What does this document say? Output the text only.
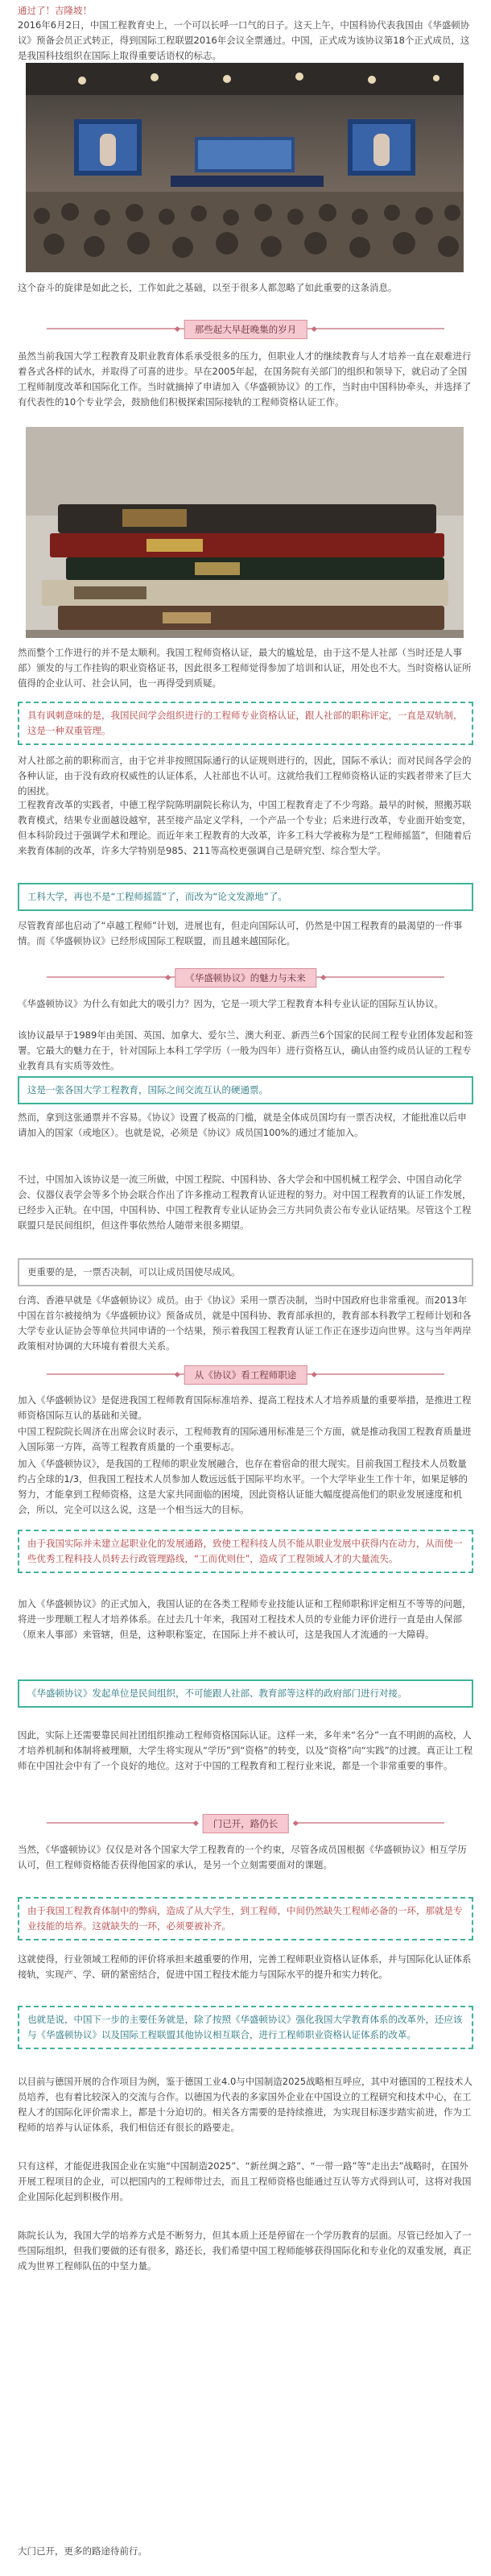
通过了！吉隆坡！

2016年6月2日，中国工程教育史上，一个可以长呼一口气的日子。这天上午，中国科协代表我国由《华盛顿协议》预备会员正式转正，得到国际工程联盟2016年会议全票通过。中国，正式成为该协议第18个正式成员，这是我国科技组织在国际上取得重要话语权的标志。

这个奋斗的旋律是如此之长，工作如此之基础，以至于很多人都忽略了如此重要的这条消息。

那些起大早赶晚集的岁月

虽然当前我国大学工程教育及职业教育体系承受很多的压力，但职业人才的继续教育与人才培养一直在艰难进行着各式各样的试水，并取得了可喜的进步。早在2005年起，在国务院有关部门的组织和领导下，就启动了全国工程师制度改革和国际化工作。当时就摘掉了申请加入《华盛顿协议》的工作，当时由中国科协牵头，并选择了有代表性的10个专业学会，鼓励他们积极探索国际接轨的工程师资格认证工作。

然而整个工作进行的并不是太顺利。我国工程师资格认证，最大的尴尬是，由于这不是人社部（当时还是人事部）颁发的与工作挂钩的职业资格证书，因此很多工程师觉得参加了培训和认证，用处也不大。当时资格认证所值得的企业认可、社会认同，也一再得受到质疑。

具有讽刺意味的是，我国民间学会组织进行的工程师专业资格认证，跟人社部的职称评定，一直是双轨制，这是一种双重管理。

对人社部之前的职称而言，由于它并非按照国际通行的认证规则进行的，因此，国际不承认；而对民间各学会的各种认证，由于没有政府权威性的认证体系，人社部也不认可。这就给我们工程师资格认证的实践者带来了巨大的困扰。

工程教育改革的实践者，中德工程学院陈明副院长称认为，中国工程教育走了不少弯路。最早的时候，照搬苏联教育模式，结果专业面越设越窄，甚至接产品定义学科，一个产品一个专业；后来进行改革，专业面开始变宽，但本科阶段过于强调学术和理论。而近年来工程教育的大改革，许多工科大学被称为是“工程师摇篮”，但随着后来教育体制的改革，许多大学特别是985、211等高校更强调自己是研究型、综合型大学。

工科大学，再也不是“工程师摇篮”了，而改为“论文发源地”了。

尽管教育部也启动了“卓越工程师”计划，进展也有，但走向国际认可，仍然是中国工程教育的最渴望的一件事情。而《华盛顿协议》已经形成国际工程联盟，而且越来越国际化。

《华盛顿协议》的魅力与未来

《华盛顿协议》为什么有如此大的吸引力？因为，它是一项大学工程教育本科专业认证的国际互认协议。

该协议最早于1989年由美国、英国、加拿大、爱尔兰、澳大利亚、新西兰6个国家的民间工程专业团体发起和签署。它最大的魅力在于，针对国际上本科工学学历（一般为四年）进行资格互认，确认由签约成员认证的工程专业教育具有实质等效性。

这是一张各国大学工程教育，国际之间交流互认的硬通票。

然而，拿到这张通票并不容易。《协议》设置了极高的门槛，就是全体成员国均有一票否决权，才能批准以后申请加入的国家（或地区）。也就是说，必须是《协议》成员国100%的通过才能加入。

不过，中国加入该协议是一流三所做，中国工程院、中国科协、各大学会和中国机械工程学会、中国自动化学会、仪器仪表学会等多个协会联合作出了许多推动工程教育认证进程的努力。对中国工程教育的认证工作发展，已经步入正轨。在中国，中国科协、中国工程教育专业认证协会三方共同负责公布专业认证结果。尽管这个工程联盟只是民间组织，但这件事依然给人随带来很多期望。

更重要的是，一票否决制，可以让成员国使尽成风。

台湾、香港早就是《华盛顿协议》成员。由于《协议》采用一票否决制，当时中国政府也非常重视。而2013年中国在首尔被接纳为《华盛顿协议》预备成员，就是中国科协、教育部承担的，教育部本科教学工程师计划和各大学专业认证协会等单位共同申请的一个结果，预示着我国工程教育认证工作正在逐步迈向世界。这与当年两岸政策相对协调的大环境有着很大关系。

从《协议》看工程师职途

加入《华盛顿协议》是促进我国工程师教育国际标准培养、提高工程技术人才培养质量的重要举措，是推进工程师资格国际互认的基础和关键。

中国工程院院长周济在出席会议时表示，工程师教育的国际通用标准是三个方面，就是推动我国工程教育质量进入国际第一方阵，高等工程教育质量的一个重要标志。

加入《华盛顿协议》，是我国的工程师的职业发展融合，也存在着宿命的很大现实。目前我国工程技术人员数量约占全球的1/3，但我国工程技术人员参加人数远远低于国际平均水平。一个大学毕业生工作十年，如果足够的努力，才能拿到工程师资格，这是大家共同面临的困境，因此资格认证能大幅度提高他们的职业发展速度和机会，所以，完全可以这么说，这是一个相当远大的目标。

由于我国实际并未建立起职业化的发展通路，致使工程科技人员不能从职业发展中获得内在动力，从而使一些优秀工程科技人员转去行政管理路线，“工而优则仕”，造成了工程领域人才的大量流失。

加入《华盛顿协议》的正式加入，我国认证的在各类工程师专业技能认证和工程师职称评定相互不等等的问题，将进一步理顺工程人才培养体系。在过去几十年来，我国对工程技术人员的专业能力评价进行一直是由人保部（原来人事部）来管辖，但是，这种职称鉴定，在国际上并不被认可，这是我国人才流通的一大障碍。

《华盛顿协议》发起单位是民间组织，不可能跟人社部、教育部等这样的政府部门进行对接。

因此，实际上还需要靠民间社团组织推动工程师资格国际认证。这样一来，多年来“名分”一直不明朗的高校，人才培养机制和体制将被理顺，大学生将实现从“学历”到“资格”的转变，以及“资格”向“实践”的过渡。真正让工程师在中国社会中有了一个良好的地位。这对于中国的工程教育和工程行业来说，都是一个非常重要的事件。

门已开，路仍长

当然，《华盛顿协议》仅仅是对各个国家大学工程教育的一个约束，尽管各成员国根据《华盛顿协议》相互学历认可，但工程师资格能否获得他国家的承认，是另一个立刻需要面对的课题。

由于我国工程教育体制中的弊病，造成了从大学生，到工程师，中间仍然缺失工程师必备的一环，那就是专业技能的培养。这就缺失的一环，必须要被补齐。

这就使得，行业领域工程师的评价将承担来越重要的作用，完善工程师职业资格认证体系，并与国际化认证体系接轨，实现产、学、研的紧密结合，促进中国工程技术能力与国际水平的提升和实力转化。

也就是说，中国下一步的主要任务就是，除了按照《华盛顿协议》强化我国大学教育体系的改革外，还应该与《华盛顿协议》以及国际工程联盟其他协议相互联合，进行工程师职业资格认证体系的改革。

以目前与德国开展的合作项目为例，鉴于德国工业4.0与中国制造2025战略相互呼应，其中对德国的工程技术人员培养，也有着比较深入的交流与合作。以德国为代表的多家国外企业在中国设立的工程研究和技术中心，在工程人才的国际化评价需求上，都是十分迫切的。相关各方需要的是持续推进，为实现目标逐步踏实前进，作为工程师的培养与认证体系，我们相信还有很长的路要走。

只有这样，才能促进我国企业在实施“中国制造2025”、“新丝绸之路”、“一带一路”等“走出去”战略时，在国外开展工程项目的企业，可以把国内的工程师带过去，而且工程师资格也能通过互认等方式得到认可，这将对我国企业国际化起到积极作用。

陈院长认为，我国大学的培养方式是不断努力，但其本质上还是停留在一个学历教育的层面。尽管已经加入了一些国际组织，但我们要做的还有很多，路还长，我们希望中国工程师能够获得国际化和专业化的双重发展，真正成为世界工程师队伍的中坚力量。

大门已开，更多的路途待前行。
